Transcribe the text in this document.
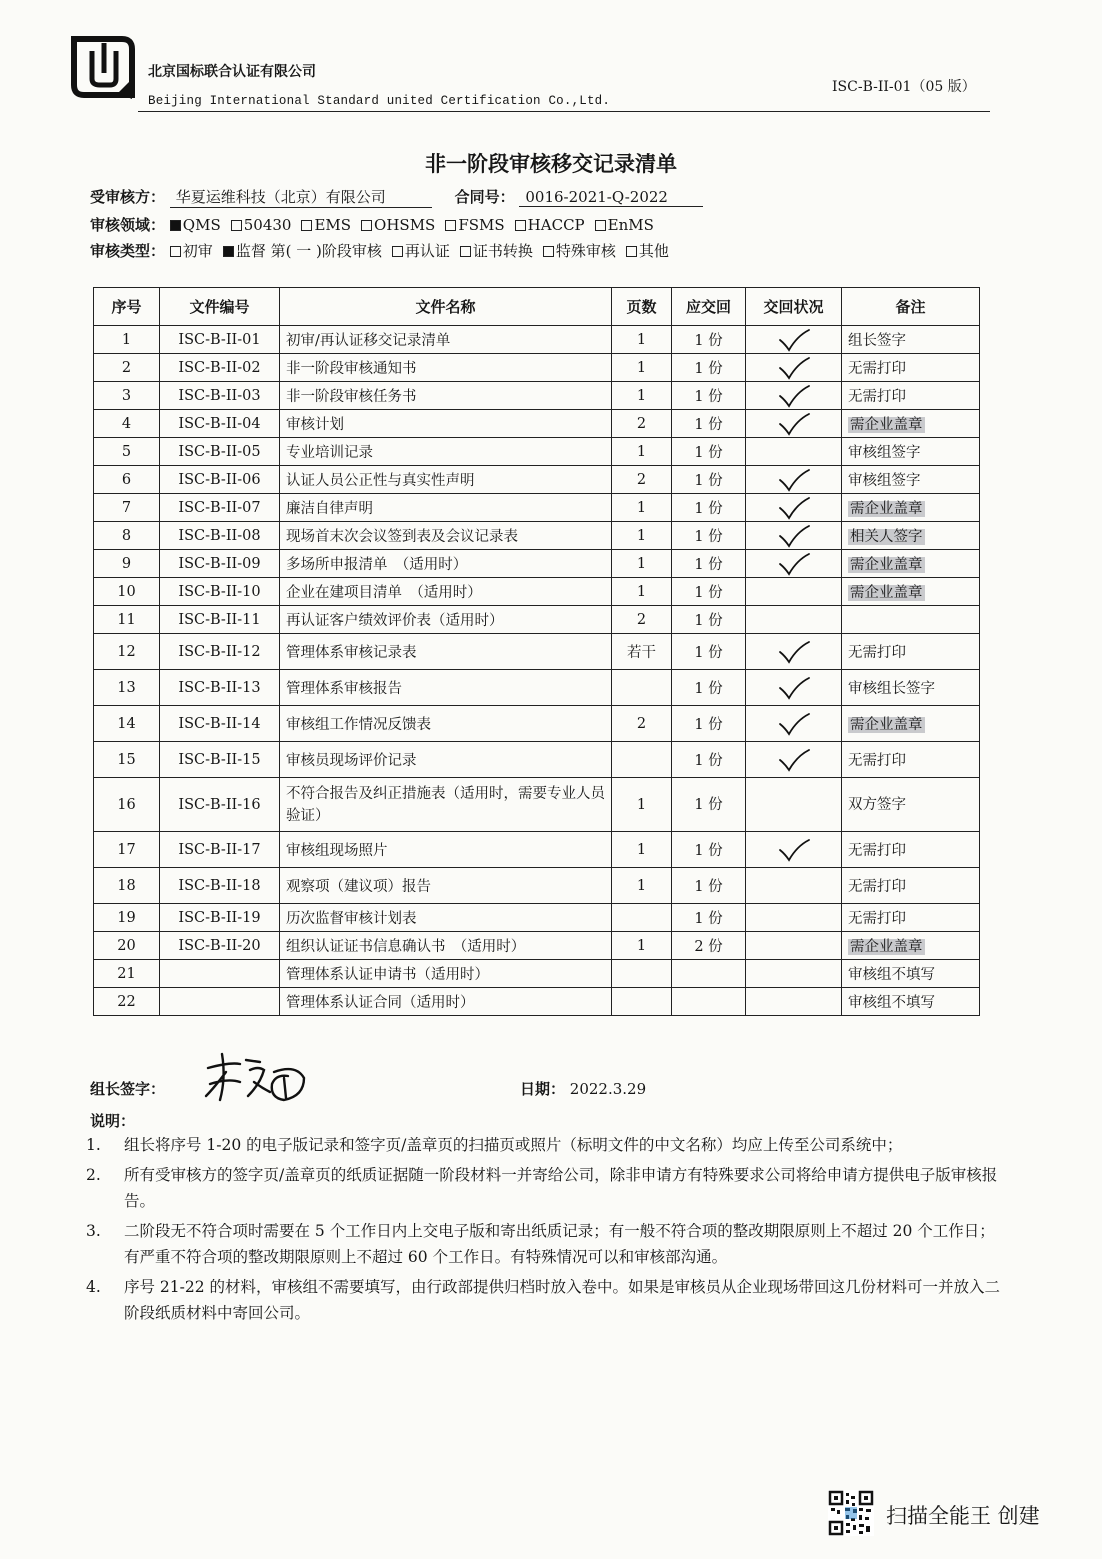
北京国标联合认证有限公司
Beijing International Standard united Certification Co.,Ltd.
ISC-B-II-01（05 版）
非一阶段审核移交记录清单
受审核方： 华夏运维科技（北京）有限公司	合同号： 0016-2021-Q-2022
审核领域： QMS 50430 EMS OHSMS FSMS HACCP EnMS
审核类型： 初审 监督 第( 一 )阶段审核 再认证 证书转换 特殊审核 其他
序号	文件编号	文件名称	页数	应交回	交回状况	备注
1	ISC-B-II-01	初审/再认证移交记录清单	1	1 份		组长签字
2	ISC-B-II-02	非一阶段审核通知书	1	1 份		无需打印
3	ISC-B-II-03	非一阶段审核任务书	1	1 份		无需打印
4	ISC-B-II-04	审核计划	2	1 份		需企业盖章
5	ISC-B-II-05	专业培训记录	1	1 份		审核组签字
6	ISC-B-II-06	认证人员公正性与真实性声明	2	1 份		审核组签字
7	ISC-B-II-07	廉洁自律声明	1	1 份		需企业盖章
8	ISC-B-II-08	现场首末次会议签到表及会议记录表	1	1 份		相关人签字
9	ISC-B-II-09	多场所申报清单　（适用时）	1	1 份		需企业盖章
10	ISC-B-II-10	企业在建项目清单　（适用时）	1	1 份		需企业盖章
11	ISC-B-II-11	再认证客户绩效评价表（适用时）	2	1 份		
12	ISC-B-II-12	管理体系审核记录表	若干	1 份		无需打印
13	ISC-B-II-13	管理体系审核报告		1 份		审核组长签字
14	ISC-B-II-14	审核组工作情况反馈表	2	1 份		需企业盖章
15	ISC-B-II-15	审核员现场评价记录		1 份		无需打印
16	ISC-B-II-16	不符合报告及纠正措施表（适用时，需要专业人员验证）	1	1 份		双方签字
17	ISC-B-II-17	审核组现场照片	1	1 份		无需打印
18	ISC-B-II-18	观察项（建议项）报告	1	1 份		无需打印
19	ISC-B-II-19	历次监督审核计划表		1 份		无需打印
20	ISC-B-II-20	组织认证证书信息确认书　（适用时）	1	2 份		需企业盖章
21		管理体系认证申请书（适用时）				审核组不填写
22		管理体系认证合同（适用时）				审核组不填写
组长签字：	日期： 2022.3.29
说明：
1.	组长将序号 1-20 的电子版记录和签字页/盖章页的扫描页或照片（标明文件的中文名称）均应上传至公司系统中；
2.	所有受审核方的签字页/盖章页的纸质证据随一阶段材料一并寄给公司，除非申请方有特殊要求公司将给申请方提供电子版审核报告。
3.	二阶段无不符合项时需要在 5 个工作日内上交电子版和寄出纸质记录；有一般不符合项的整改期限原则上不超过 20 个工作日；有严重不符合项的整改期限原则上不超过 60 个工作日。有特殊情况可以和审核部沟通。
4.	序号 21-22 的材料，审核组不需要填写，由行政部提供归档时放入卷中。如果是审核员从企业现场带回这几份材料可一并放入二阶段纸质材料中寄回公司。
扫描全能王 创建
